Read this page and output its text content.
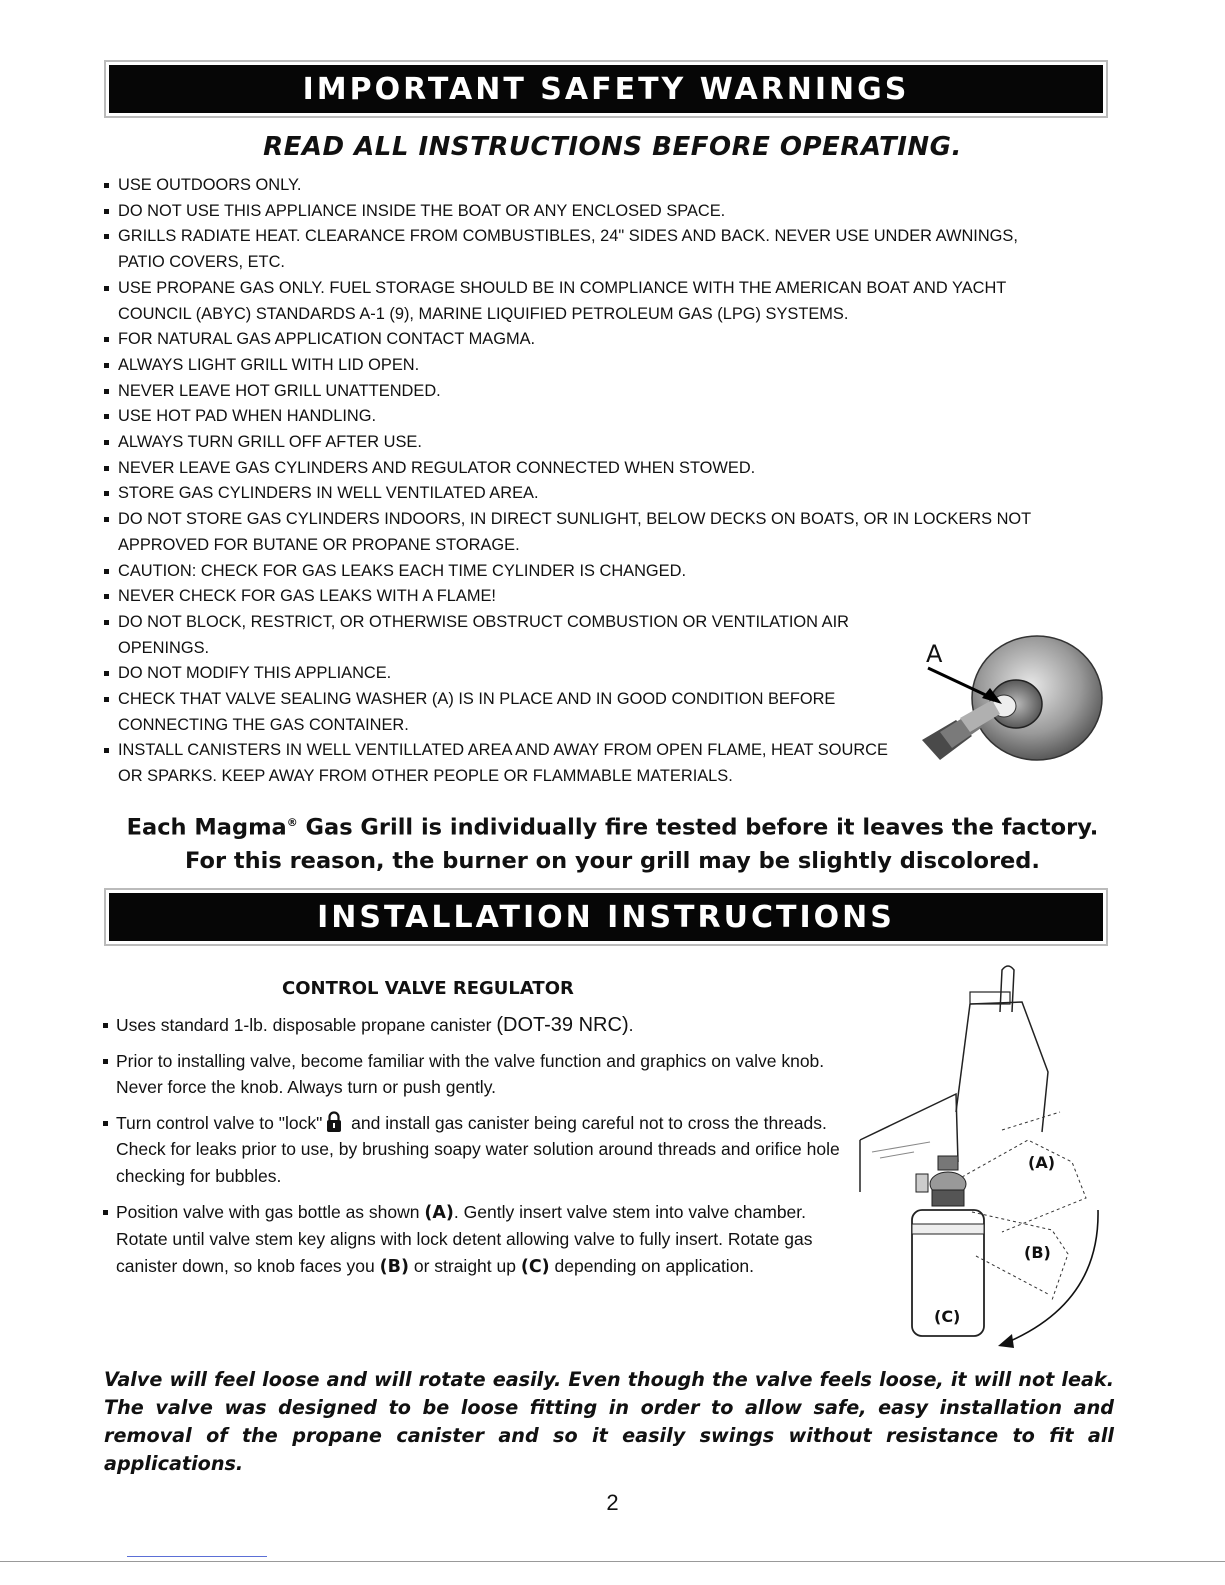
IMPORTANT SAFETY WARNINGS
READ ALL INSTRUCTIONS BEFORE OPERATING.
USE OUTDOORS ONLY.
DO NOT USE THIS APPLIANCE INSIDE THE BOAT OR ANY ENCLOSED SPACE.
GRILLS RADIATE HEAT. CLEARANCE FROM COMBUSTIBLES, 24" SIDES AND BACK. NEVER USE UNDER AWNINGS, PATIO COVERS, ETC.
USE PROPANE GAS ONLY. FUEL STORAGE SHOULD BE IN COMPLIANCE WITH THE AMERICAN BOAT AND YACHT COUNCIL (ABYC) STANDARDS A-1 (9), MARINE LIQUIFIED PETROLEUM GAS (LPG) SYSTEMS.
FOR NATURAL GAS APPLICATION CONTACT MAGMA.
ALWAYS LIGHT GRILL WITH LID OPEN.
NEVER LEAVE HOT GRILL UNATTENDED.
USE HOT PAD WHEN HANDLING.
ALWAYS TURN GRILL OFF AFTER USE.
NEVER LEAVE GAS CYLINDERS AND REGULATOR CONNECTED WHEN STOWED.
STORE GAS CYLINDERS IN WELL VENTILATED AREA.
DO NOT STORE GAS CYLINDERS INDOORS, IN DIRECT SUNLIGHT, BELOW DECKS ON BOATS, OR IN LOCKERS NOT APPROVED FOR BUTANE OR PROPANE STORAGE.
CAUTION: CHECK FOR GAS LEAKS EACH TIME CYLINDER IS CHANGED.
NEVER CHECK FOR GAS LEAKS WITH A FLAME!
DO NOT BLOCK, RESTRICT, OR OTHERWISE OBSTRUCT COMBUSTION OR VENTILATION AIR OPENINGS.
DO NOT MODIFY THIS APPLIANCE.
CHECK THAT VALVE SEALING WASHER (A) IS IN PLACE AND IN GOOD CONDITION BEFORE CONNECTING THE GAS CONTAINER.
INSTALL CANISTERS IN WELL VENTILLATED AREA AND AWAY FROM OPEN FLAME, HEAT SOURCE OR SPARKS. KEEP AWAY FROM OTHER PEOPLE OR FLAMMABLE MATERIALS.
A
Each Magma® Gas Grill is individually fire tested before it leaves the factory.
For this reason, the burner on your grill may be slightly discolored.
INSTALLATION INSTRUCTIONS
CONTROL VALVE REGULATOR
Uses standard 1-lb. disposable propane canister (DOT-39 NRC).
Prior to installing valve, become familiar with the valve function and graphics on valve knob. Never force the knob. Always turn or push gently.
Turn control valve to "lock" and install gas canister being careful not to cross the threads. Check for leaks prior to use, by brushing soapy water solution around threads and orifice hole checking for bubbles.
Position valve with gas bottle as shown (A). Gently insert valve stem into valve chamber. Rotate until valve stem key aligns with lock detent allowing valve to fully insert. Rotate gas canister down, so knob faces you (B) or straight up (C) depending on application.
(C)
(A)
(B)

Valve will feel loose and will rotate easily. Even though the valve feels loose, it will not leak. The valve was designed to be loose fitting in order to allow safe, easy installation and removal of the propane canister and so it easily swings without resistance to fit all applications.

2
